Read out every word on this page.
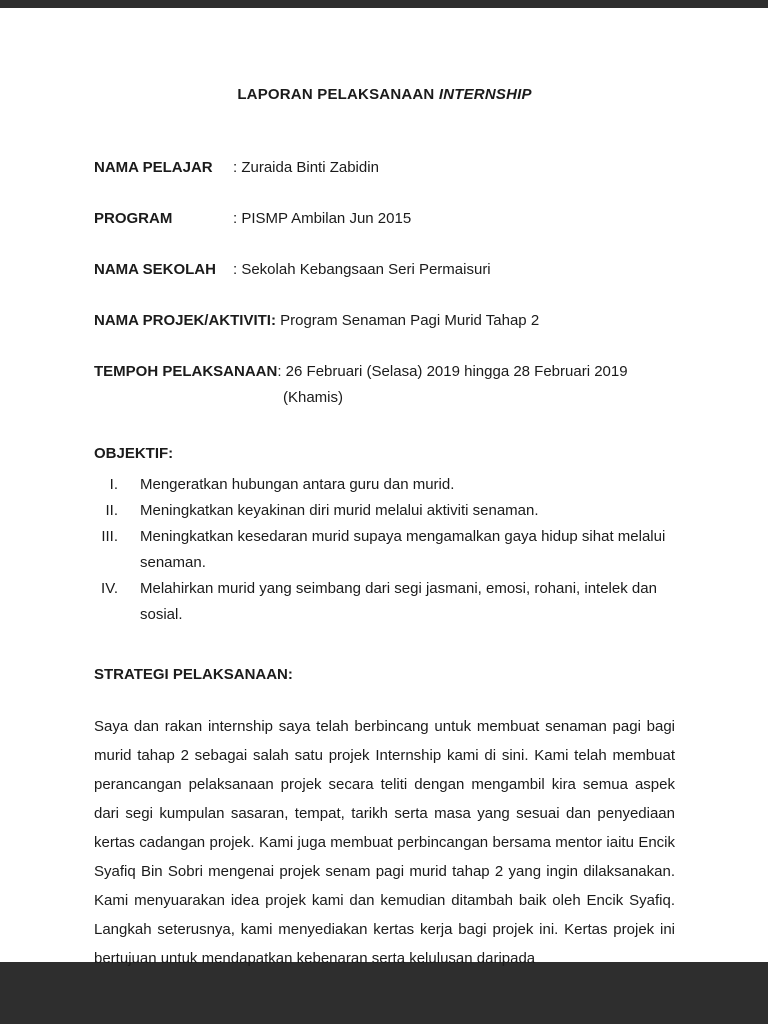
LAPORAN PELAKSANAAN INTERNSHIP
NAMA PELAJAR : Zuraida Binti Zabidin
PROGRAM	: PISMP Ambilan Jun 2015
NAMA SEKOLAH : Sekolah Kebangsaan Seri Permaisuri
NAMA PROJEK/AKTIVITI: Program Senaman Pagi Murid Tahap 2
TEMPOH PELAKSANAAN: 26 Februari (Selasa) 2019 hingga 28 Februari 2019
(Khamis)
OBJEKTIF:
I. Mengeratkan hubungan antara guru dan murid.
II. Meningkatkan keyakinan diri murid melalui aktiviti senaman.
III. Meningkatkan kesedaran murid supaya mengamalkan gaya hidup sihat melalui senaman.
IV. Melahirkan murid yang seimbang dari segi jasmani, emosi, rohani, intelek dan sosial.
STRATEGI PELAKSANAAN:

Saya dan rakan internship saya telah berbincang untuk membuat senaman pagi bagi murid tahap 2 sebagai salah satu projek Internship kami di sini. Kami telah membuat perancangan pelaksanaan projek secara teliti dengan mengambil kira semua aspek dari segi kumpulan sasaran, tempat, tarikh serta masa yang sesuai dan penyediaan kertas cadangan projek. Kami juga membuat perbincangan bersama mentor iaitu Encik Syafiq Bin Sobri mengenai projek senam pagi murid tahap 2 yang ingin dilaksanakan. Kami menyuarakan idea projek kami dan kemudian ditambah baik oleh Encik Syafiq. Langkah seterusnya, kami menyediakan kertas kerja bagi projek ini. Kertas projek ini bertujuan untuk mendapatkan kebenaran serta kelulusan daripada
